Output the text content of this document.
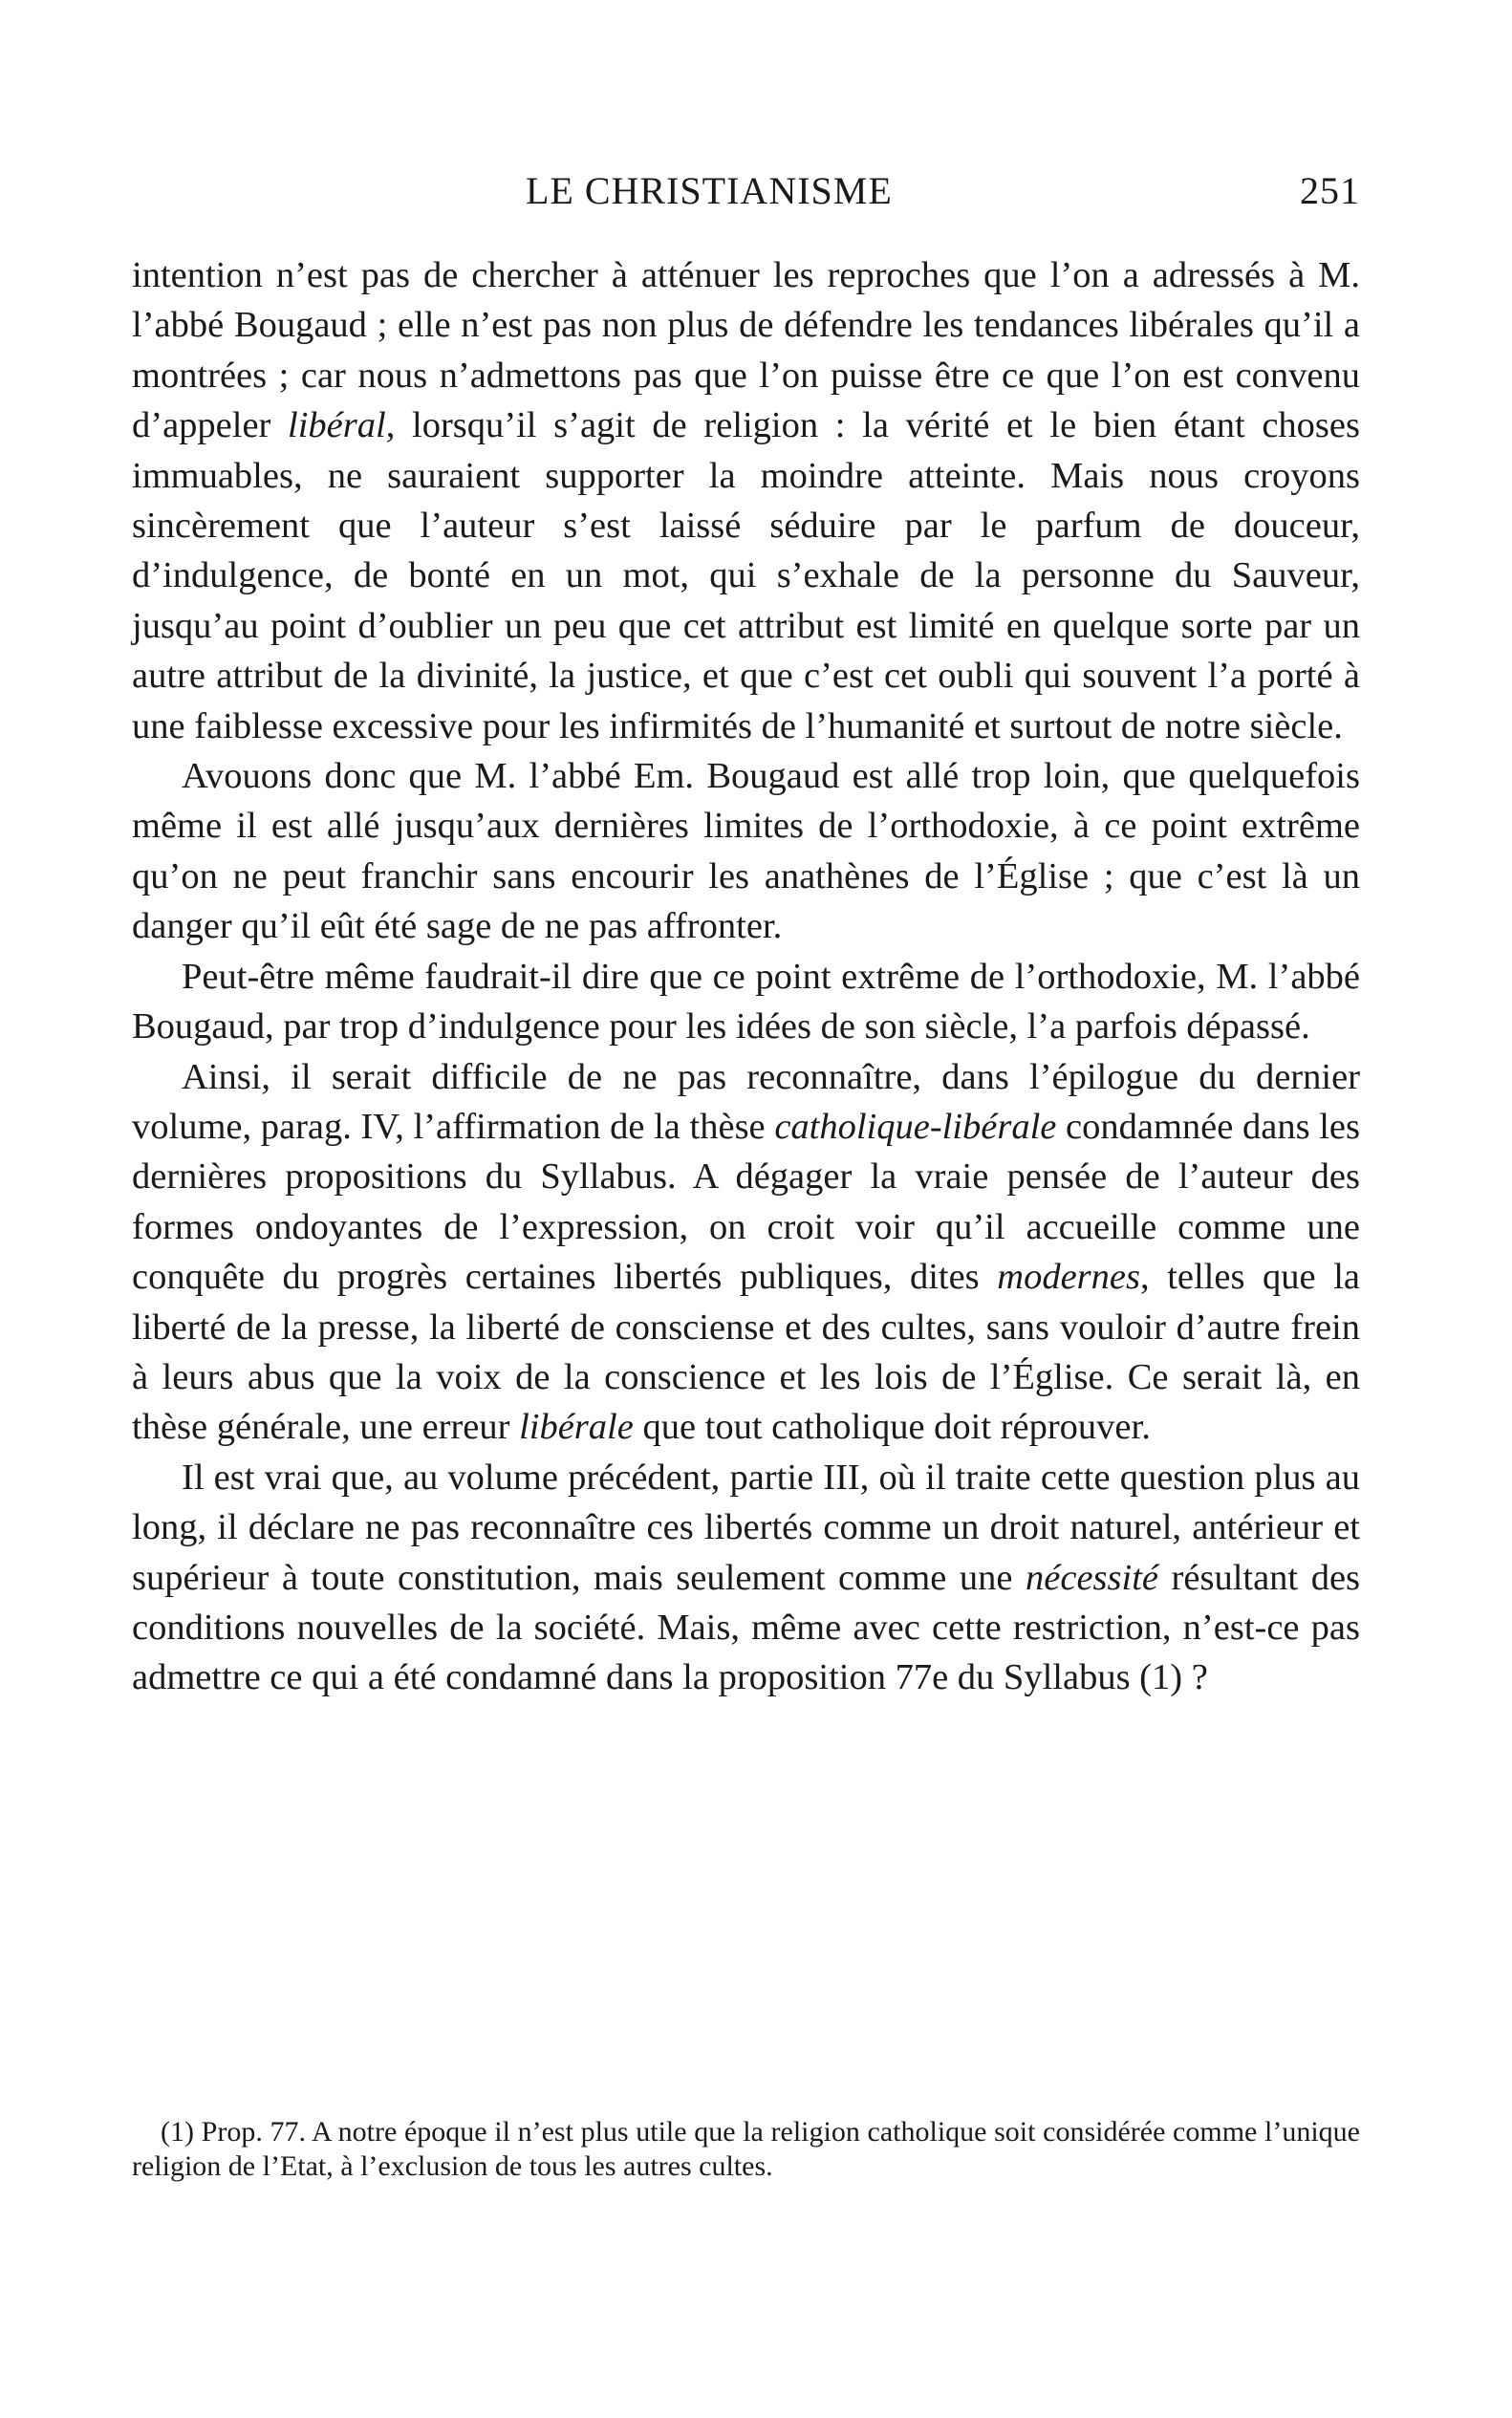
LE CHRISTIANISME	251

intention n’est pas de chercher à atténuer les reproches que l’on a adressés à M. l’abbé Bougaud ; elle n’est pas non plus de défendre les tendances libérales qu’il a montrées ; car nous n’admettons pas que l’on puisse être ce que l’on est convenu d’appeler libéral, lorsqu’il s’agit de religion : la vérité et le bien étant choses immuables, ne sauraient supporter la moindre atteinte. Mais nous croyons sincèrement que l’auteur s’est laissé séduire par le parfum de douceur, d’indulgence, de bonté en un mot, qui s’exhale de la personne du Sauveur, jusqu’au point d’oublier un peu que cet attribut est limité en quelque sorte par un autre attribut de la divinité, la justice, et que c’est cet oubli qui souvent l’a porté à une faiblesse excessive pour les infirmités de l’humanité et surtout de notre siècle.

Avouons donc que M. l’abbé Em. Bougaud est allé trop loin, que quelquefois même il est allé jusqu’aux dernières limites de l’orthodoxie, à ce point extrême qu’on ne peut franchir sans encourir les anathènes de l’Église ; que c’est là un danger qu’il eût été sage de ne pas affronter.

Peut-être même faudrait-il dire que ce point extrême de l’orthodoxie, M. l’abbé Bougaud, par trop d’indulgence pour les idées de son siècle, l’a parfois dépassé.

Ainsi, il serait difficile de ne pas reconnaître, dans l’épilogue du dernier volume, parag. IV, l’affirmation de la thèse catholique-libérale condamnée dans les dernières propositions du Syllabus. A dégager la vraie pensée de l’auteur des formes ondoyantes de l’expression, on croit voir qu’il accueille comme une conquête du progrès certaines libertés publiques, dites modernes, telles que la liberté de la presse, la liberté de consciense et des cultes, sans vouloir d’autre frein à leurs abus que la voix de la conscience et les lois de l’Église. Ce serait là, en thèse générale, une erreur libérale que tout catholique doit réprouver.

Il est vrai que, au volume précédent, partie III, où il traite cette question plus au long, il déclare ne pas reconnaître ces libertés comme un droit naturel, antérieur et supérieur à toute constitution, mais seulement comme une nécessité résultant des conditions nouvelles de la société. Mais, même avec cette restriction, n’est-ce pas admettre ce qui a été condamné dans la proposition 77e du Syllabus (1) ?

(1) Prop. 77. A notre époque il n’est plus utile que la religion catholique soit considérée comme l’unique religion de l’Etat, à l’exclusion de tous les autres cultes.
